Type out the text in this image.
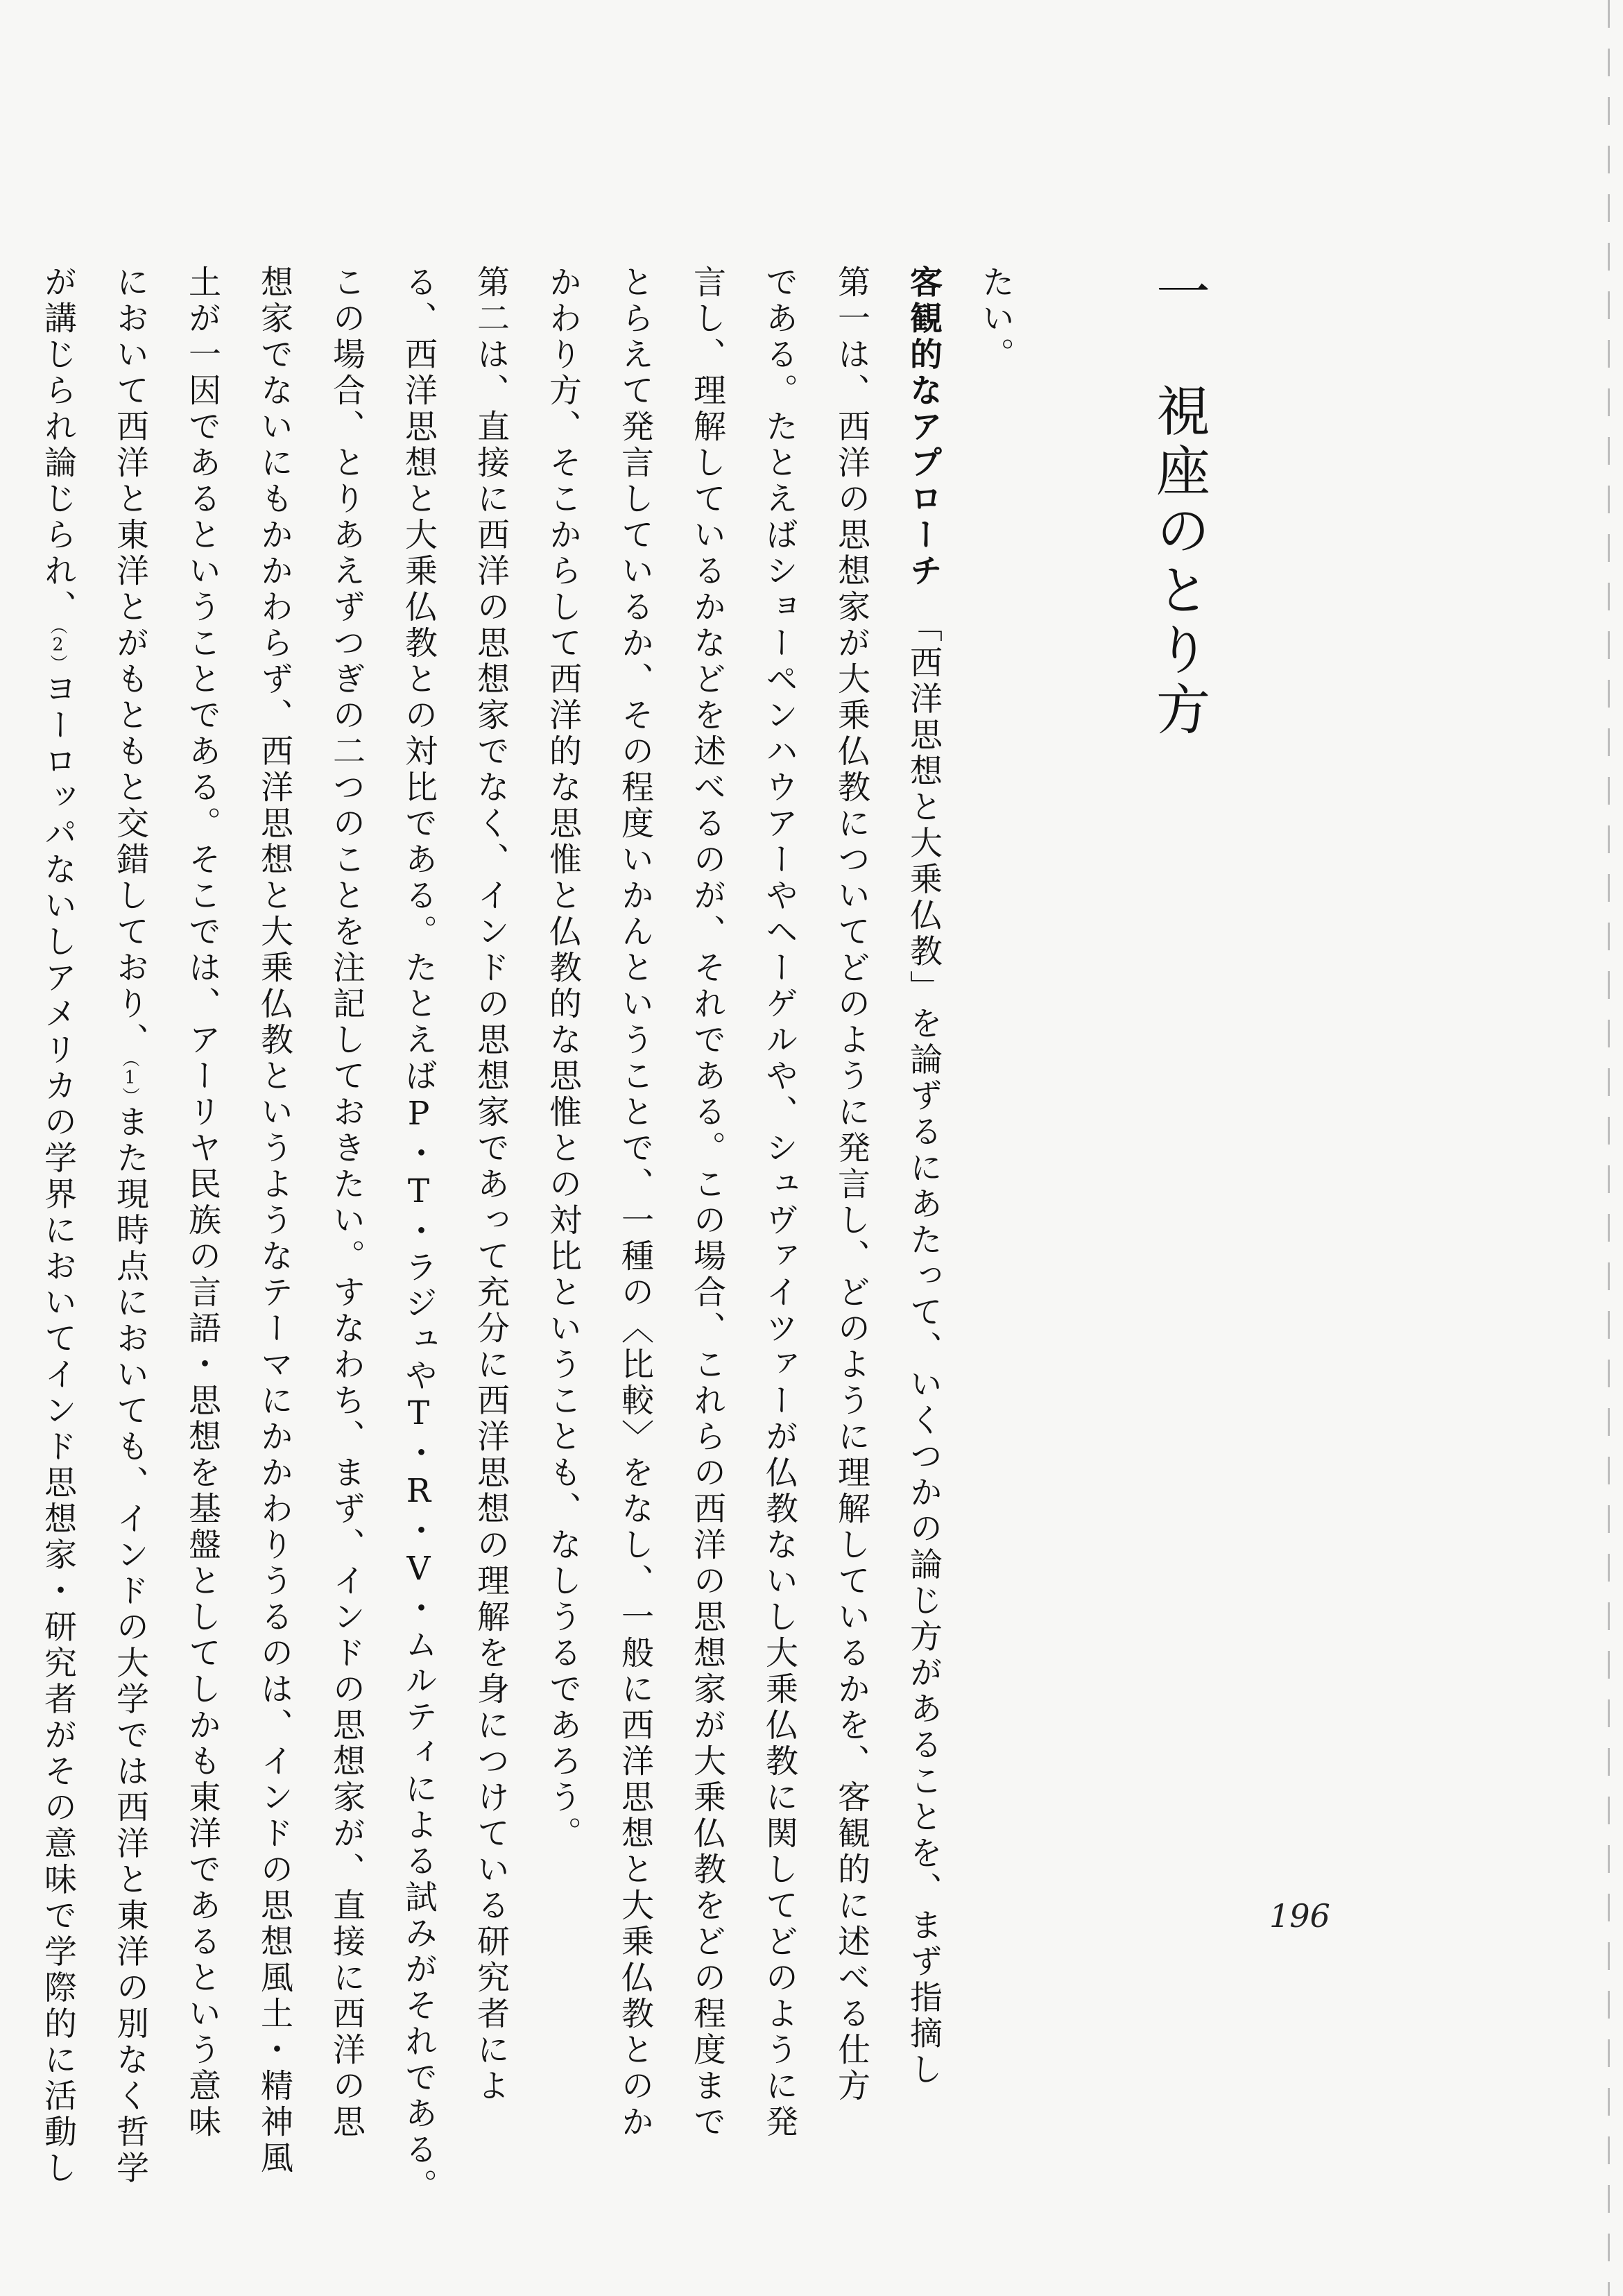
一　視座のとり方
たい。
客観的なアプローチ　「西洋思想と大乗仏教」を論ずるにあたって、いくつかの論じ方があることを、まず指摘し
第一は、西洋の思想家が大乗仏教についてどのように発言し、どのように理解しているかを、客観的に述べる仕方
である。たとえばショーペンハウアーやヘーゲルや、シュヴァイツァーが仏教ないし大乗仏教に関してどのように発
言し、理解しているかなどを述べるのが、それである。この場合、これらの西洋の思想家が大乗仏教をどの程度まで
とらえて発言しているか、その程度いかんということで、一種の〈比較〉をなし、一般に西洋思想と大乗仏教とのか
かわり方、そこからして西洋的な思惟と仏教的な思惟との対比ということも、なしうるであろう。
第二は、直接に西洋の思想家でなく、インドの思想家であって充分に西洋思想の理解を身につけている研究者によ
る、西洋思想と大乗仏教との対比である。たとえばP・T・ラジュやT・R・V・ムルティによる試みがそれである。
この場合、とりあえずつぎの二つのことを注記しておきたい。すなわち、まず、インドの思想家が、直接に西洋の思
想家でないにもかかわらず、西洋思想と大乗仏教というようなテーマにかかわりうるのは、インドの思想風土・精神風
土が一因であるということである。そこでは、アーリヤ民族の言語・思想を基盤としてしかも東洋であるという意味
において西洋と東洋とがもともと交錯しており、（1）また現時点においても、インドの大学では西洋と東洋の別なく哲学
が講じられ論じられ、（2）ヨーロッパないしアメリカの学界においてインド思想家・研究者がその意味で学際的に活動し	196
